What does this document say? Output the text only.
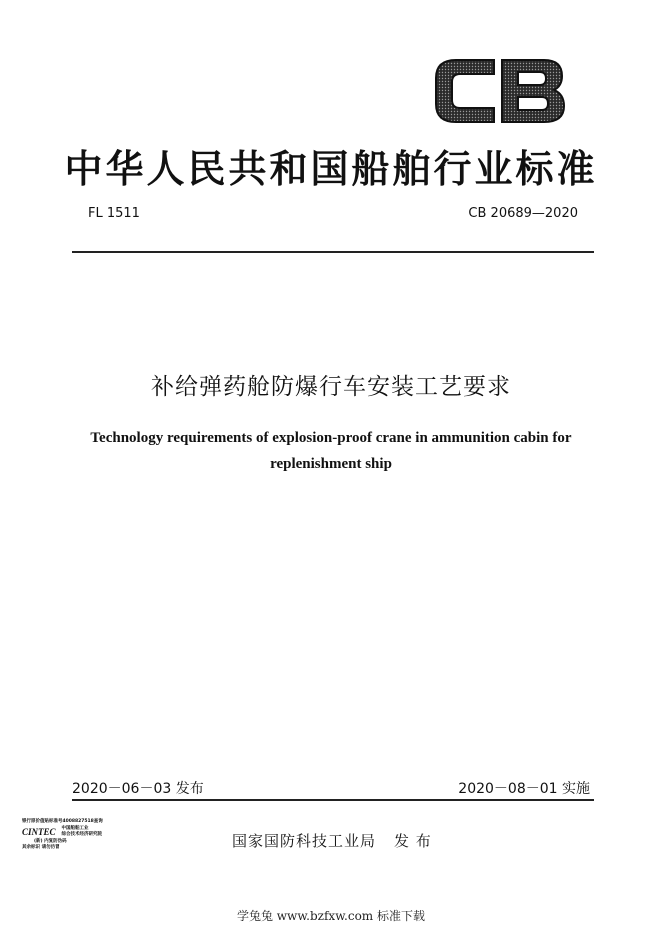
中华人民共和国船舶行业标准
FL 1511	CB 20689—2020
补给弹药舱防爆行车安装工艺要求
Technology requirements of explosion-proof crane in ammunition cabin for
replenishment ship
2020－06－03 发布	2020－08－01 实施
银行原价值贴标准号4008827518查询
CINTEC 中国船舶工业
综合技术经济研究院
(新) 内复防伪码
其余标识 请勿仿冒	国家国防科技工业局 发 布
学兔兔 www.bzfxw.com 标准下载
